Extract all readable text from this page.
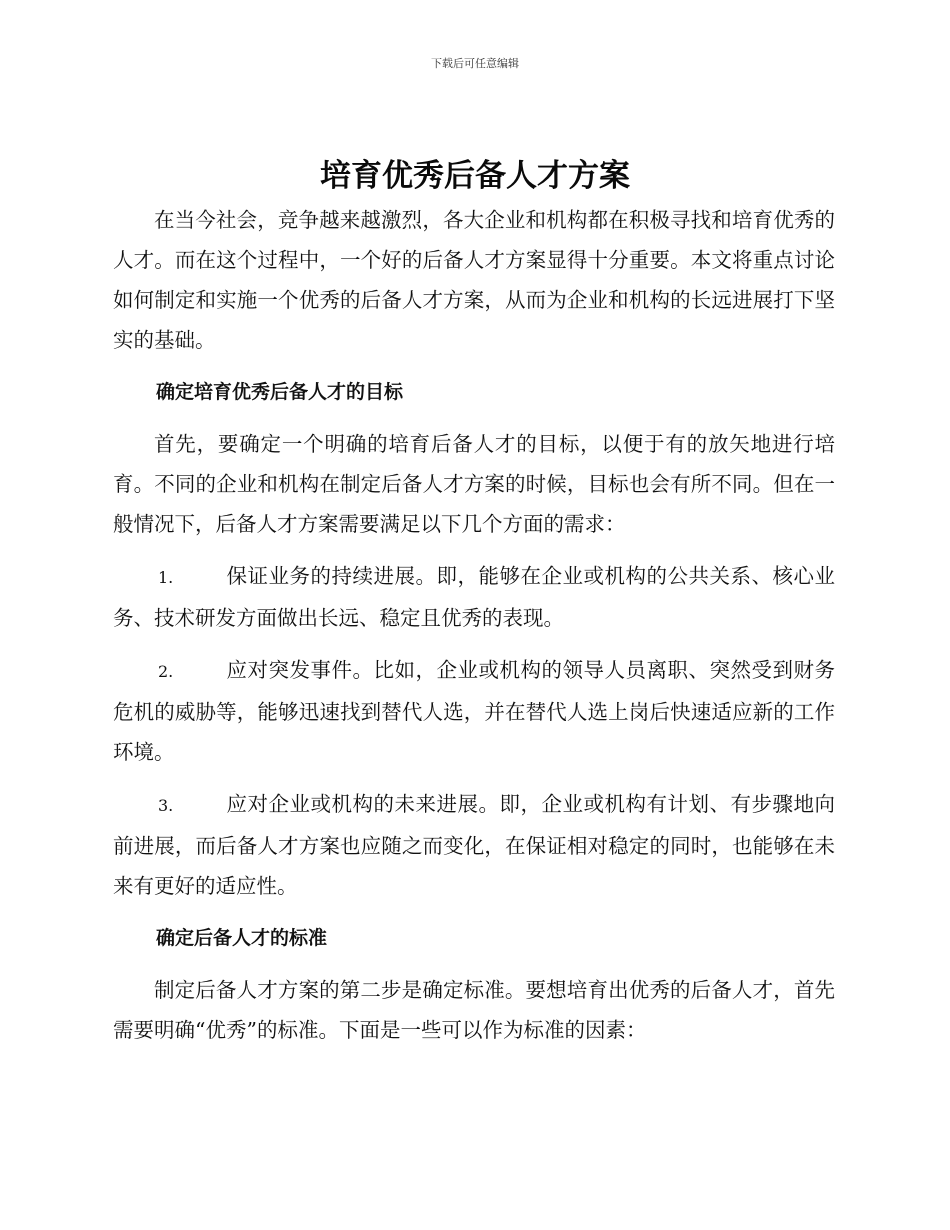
下载后可任意编辑
培育优秀后备人才方案

在当今社会，竞争越来越激烈，各大企业和机构都在积极寻找和培育优秀的人才。而在这个过程中，一个好的后备人才方案显得十分重要。本文将重点讨论如何制定和实施一个优秀的后备人才方案，从而为企业和机构的长远进展打下坚实的基础。

确定培育优秀后备人才的目标

首先，要确定一个明确的培育后备人才的目标，以便于有的放矢地进行培育。不同的企业和机构在制定后备人才方案的时候，目标也会有所不同。但在一般情况下，后备人才方案需要满足以下几个方面的需求：

1.	保证业务的持续进展。即，能够在企业或机构的公共关系、核心业务、技术研发方面做出长远、稳定且优秀的表现。

2.	应对突发事件。比如，企业或机构的领导人员离职、突然受到财务危机的威胁等，能够迅速找到替代人选，并在替代人选上岗后快速适应新的工作环境。

3.	应对企业或机构的未来进展。即，企业或机构有计划、有步骤地向前进展，而后备人才方案也应随之而变化，在保证相对稳定的同时，也能够在未来有更好的适应性。

确定后备人才的标准

制定后备人才方案的第二步是确定标准。要想培育出优秀的后备人才，首先需要明确“优秀”的标准。下面是一些可以作为标准的因素：
